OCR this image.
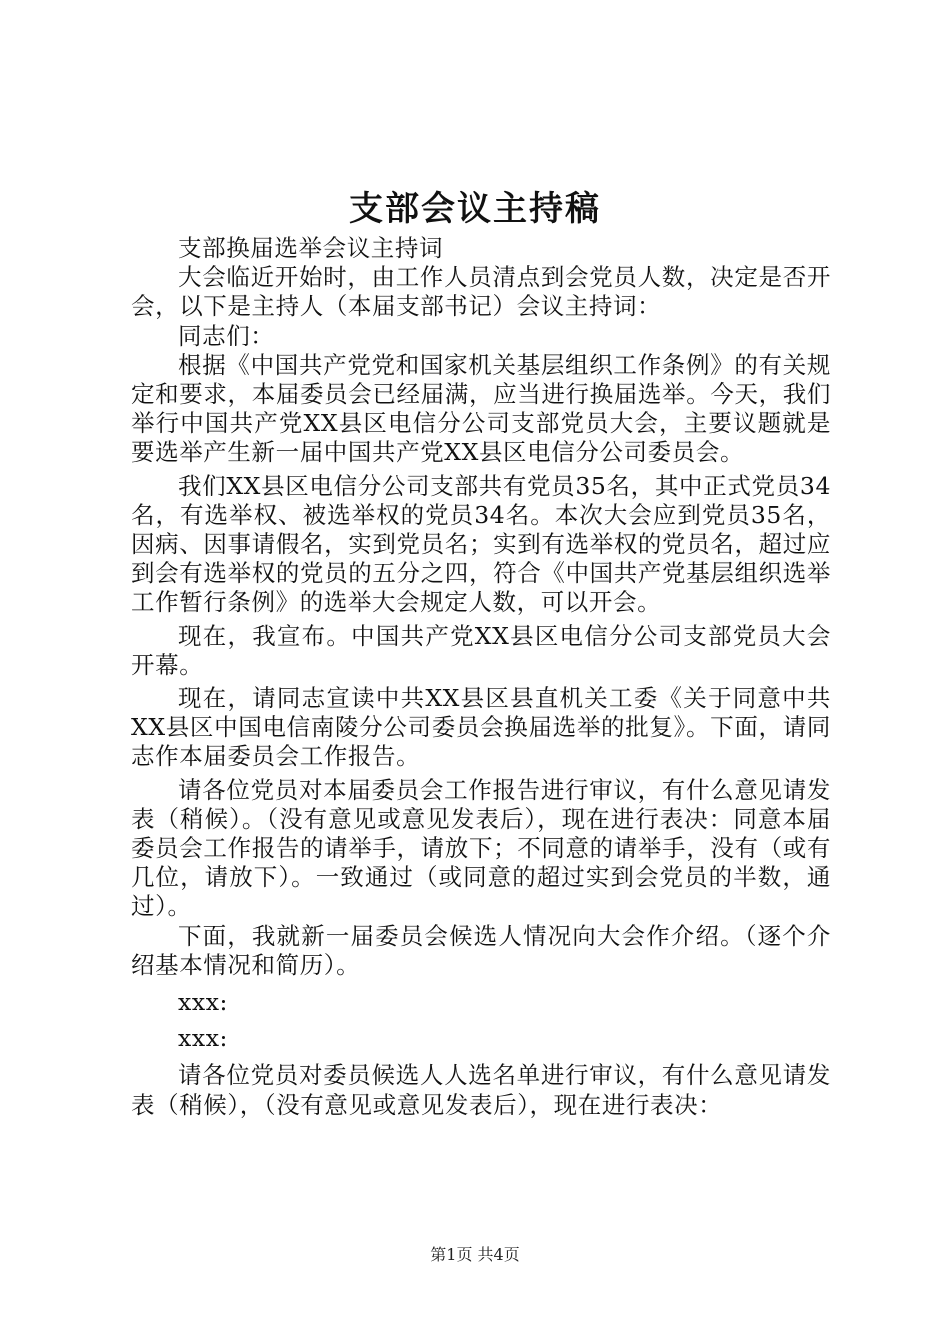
支部会议主持稿

支部换届选举会议主持词

大会临近开始时，由工作人员清点到会党员人数，决定是否开会，以下是主持人（本届支部书记）会议主持词：

同志们：

根据《中国共产党党和国家机关基层组织工作条例》的有关规定和要求，本届委员会已经届满，应当进行换届选举。今天，我们举行中国共产党XX县区电信分公司支部党员大会，主要议题就是要选举产生新一届中国共产党XX县区电信分公司委员会。

我们XX县区电信分公司支部共有党员35名，其中正式党员34名，有选举权、被选举权的党员34名。本次大会应到党员35名，因病、因事请假名，实到党员名；实到有选举权的党员名，超过应到会有选举权的党员的五分之四，符合《中国共产党基层组织选举工作暂行条例》的选举大会规定人数，可以开会。

现在，我宣布。中国共产党XX县区电信分公司支部党员大会开幕。

现在，请同志宣读中共XX县区县直机关工委《关于同意中共XX县区中国电信南陵分公司委员会换届选举的批复》。下面，请同志作本届委员会工作报告。

请各位党员对本届委员会工作报告进行审议，有什么意见请发表（稍候）。（没有意见或意见发表后），现在进行表决：同意本届委员会工作报告的请举手，请放下；不同意的请举手，没有（或有几位，请放下）。一致通过（或同意的超过实到会党员的半数，通过）。

下面，我就新一届委员会候选人情况向大会作介绍。（逐个介绍基本情况和简历）。

xxx:

xxx:

请各位党员对委员候选人人选名单进行审议，有什么意见请发表（稍候），（没有意见或意见发表后），现在进行表决：

第1页 共4页
